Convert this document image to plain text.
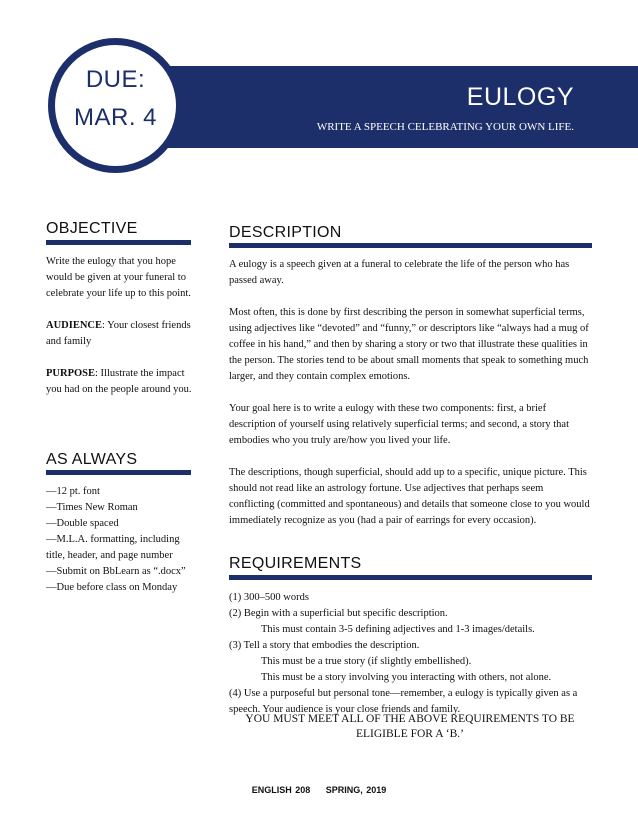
EULOGY
WRITE A SPEECH CELEBRATING YOUR OWN LIFE.
DUE:
MAR. 4
OBJECTIVE

Write the eulogy that you hope would be given at your funeral to celebrate your life up to this point.

AUDIENCE: Your closest friends and family

PURPOSE: Illustrate the impact you had on the people around you.

AS ALWAYS

—12 pt. font

—Times New Roman

—Double spaced

—M.L.A. formatting, including title, header, and page number

—Submit on BbLearn as “.docx”

—Due before class on Monday

DESCRIPTION

A eulogy is a speech given at a funeral to celebrate the life of the person who has passed away.

Most often, this is done by first describing the person in somewhat superficial terms, using adjectives like “devoted” and “funny,” or descriptors like “always had a mug of coffee in his hand,” and then by sharing a story or two that illustrate these qualities in the person. The stories tend to be about small moments that speak to something much larger, and they contain complex emotions.

Your goal here is to write a eulogy with these two components: first, a brief description of yourself using relatively superficial terms; and second, a story that embodies who you truly are/how you lived your life.

The descriptions, though superficial, should add up to a specific, unique picture. This should not read like an astrology fortune. Use adjectives that perhaps seem conflicting (committed and spontaneous) and details that someone close to you would immediately recognize as you (had a pair of earrings for every occasion).

REQUIREMENTS

(1) 300–500 words

(2) Begin with a superficial but specific description.

This must contain 3-5 defining adjectives and 1-3 images/details.

(3) Tell a story that embodies the description.

This must be a true story (if slightly embellished).

This must be a story involving you interacting with others, not alone.

(4) Use a purposeful but personal tone—remember, a eulogy is typically given as a speech. Your audience is your close friends and family.

YOU MUST MEET ALL OF THE ABOVE REQUIREMENTS TO BE ELIGIBLE FOR A ‘B.’
ENGLISH 208 SPRING, 2019
